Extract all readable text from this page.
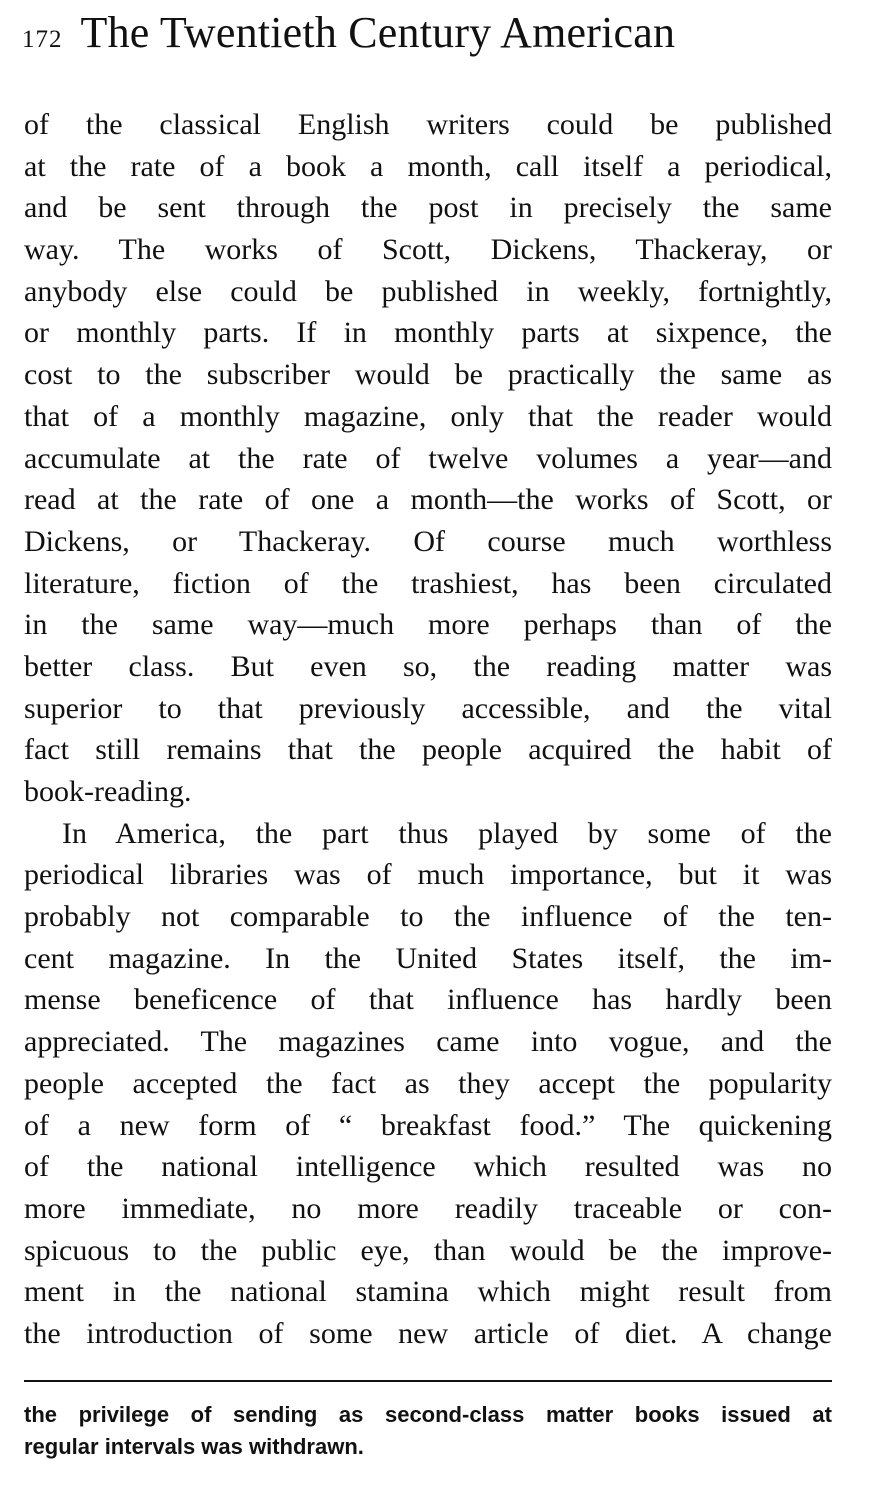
172 The Twentieth Century American
of the classical English writers could be published
at the rate of a book a month, call itself a periodical,
and be sent through the post in precisely the same
way. The works of Scott, Dickens, Thackeray, or
anybody else could be published in weekly, fortnightly,
or monthly parts. If in monthly parts at sixpence, the
cost to the subscriber would be practically the same as
that of a monthly magazine, only that the reader would
accumulate at the rate of twelve volumes a year—and
read at the rate of one a month—the works of Scott, or
Dickens, or Thackeray. Of course much worthless
literature, fiction of the trashiest, has been circulated
in the same way—much more perhaps than of the
better class. But even so, the reading matter was
superior to that previously accessible, and the vital
fact still remains that the people acquired the habit of
book-reading.
In America, the part thus played by some of the
periodical libraries was of much importance, but it was
probably not comparable to the influence of the ten-
cent magazine. In the United States itself, the im-
mense beneficence of that influence has hardly been
appreciated. The magazines came into vogue, and the
people accepted the fact as they accept the popularity
of a new form of “ breakfast food.” The quickening
of the national intelligence which resulted was no
more immediate, no more readily traceable or con-
spicuous to the public eye, than would be the improve-
ment in the national stamina which might result from
the introduction of some new article of diet. A change
the privilege of sending as second-class matter books issued at
regular intervals was withdrawn.
